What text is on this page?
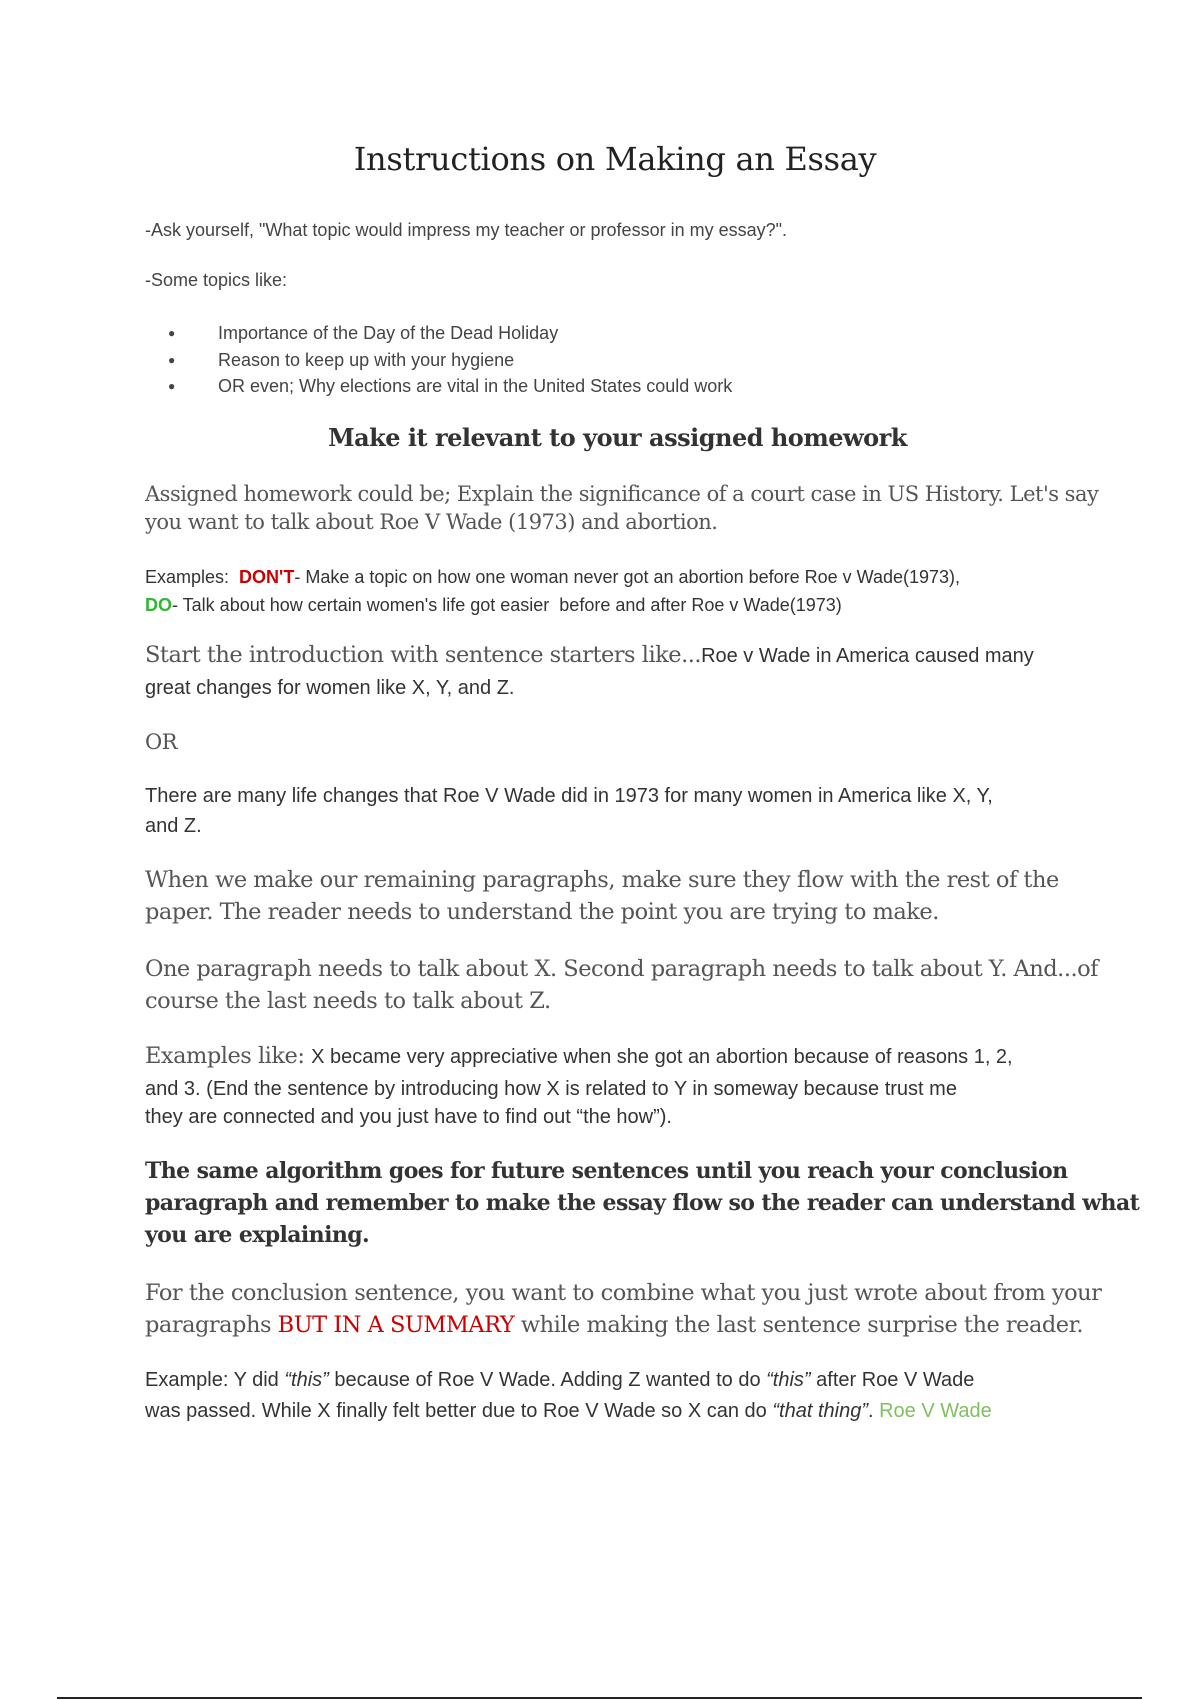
Instructions on Making an Essay

-Ask yourself, "What topic would impress my teacher or professor in my essay?".

-Some topics like:

● Importance of the Day of the Dead Holiday
● Reason to keep up with your hygiene
● OR even; Why elections are vital in the United States could work
Make it relevant to your assigned homework

Assigned homework could be; Explain the significance of a court case in US History. Let's say

you want to talk about Roe V Wade (1973) and abortion.

Examples:  DON'T- Make a topic on how one woman never got an abortion before Roe v Wade(1973),

DO- Talk about how certain women's life got easier  before and after Roe v Wade(1973)

Start the introduction with sentence starters like...Roe v Wade in America caused many

great changes for women like X, Y, and Z.

OR

There are many life changes that Roe V Wade did in 1973 for many women in America like X, Y,

and Z.

When we make our remaining paragraphs, make sure they flow with the rest of the

paper. The reader needs to understand the point you are trying to make.

One paragraph needs to talk about X. Second paragraph needs to talk about Y. And...of

course the last needs to talk about Z.

Examples like: X became very appreciative when she got an abortion because of reasons 1, 2,

and 3. (End the sentence by introducing how X is related to Y in someway because trust me

they are connected and you just have to find out “the how”).

The same algorithm goes for future sentences until you reach your conclusion

paragraph and remember to make the essay flow so the reader can understand what

you are explaining.

For the conclusion sentence, you want to combine what you just wrote about from your

paragraphs BUT IN A SUMMARY while making the last sentence surprise the reader.

Example: Y did “this” because of Roe V Wade. Adding Z wanted to do “this” after Roe V Wade

was passed. While X finally felt better due to Roe V Wade so X can do “that thing”. Roe V Wade
